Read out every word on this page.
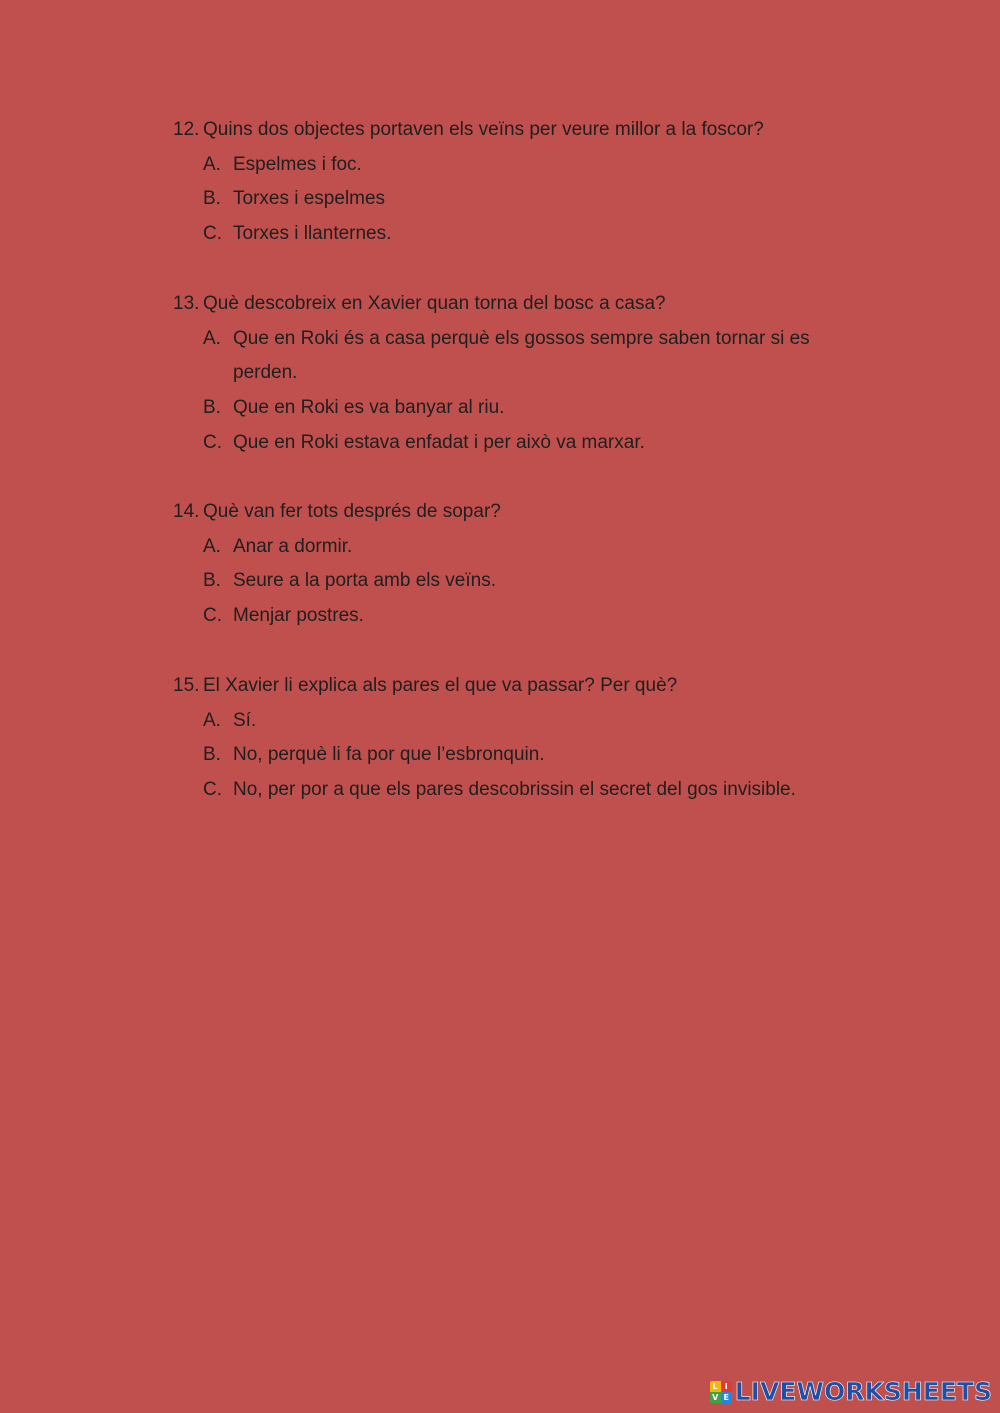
12. Quins dos objectes portaven els veïns per veure millor a la foscor?
A. Espelmes i foc.
B. Torxes i espelmes
C. Torxes i llanternes.
13. Què descobreix en Xavier quan torna del bosc a casa?
A. Que en Roki és a casa perquè els gossos sempre saben tornar si es perden.
B. Que en Roki es va banyar al riu.
C. Que en Roki estava enfadat i per això va marxar.
14. Què van fer tots després de sopar?
A. Anar a dormir.
B. Seure a la porta amb els veïns.
C. Menjar postres.
15. El Xavier li explica als pares el que va passar? Per què?
A. Sí.
B. No, perquè li fa por que l’esbronquin.
C. No, per por a que els pares descobrissin el secret del gos invisible.
L I
V E LIVEWORKSHEETS
